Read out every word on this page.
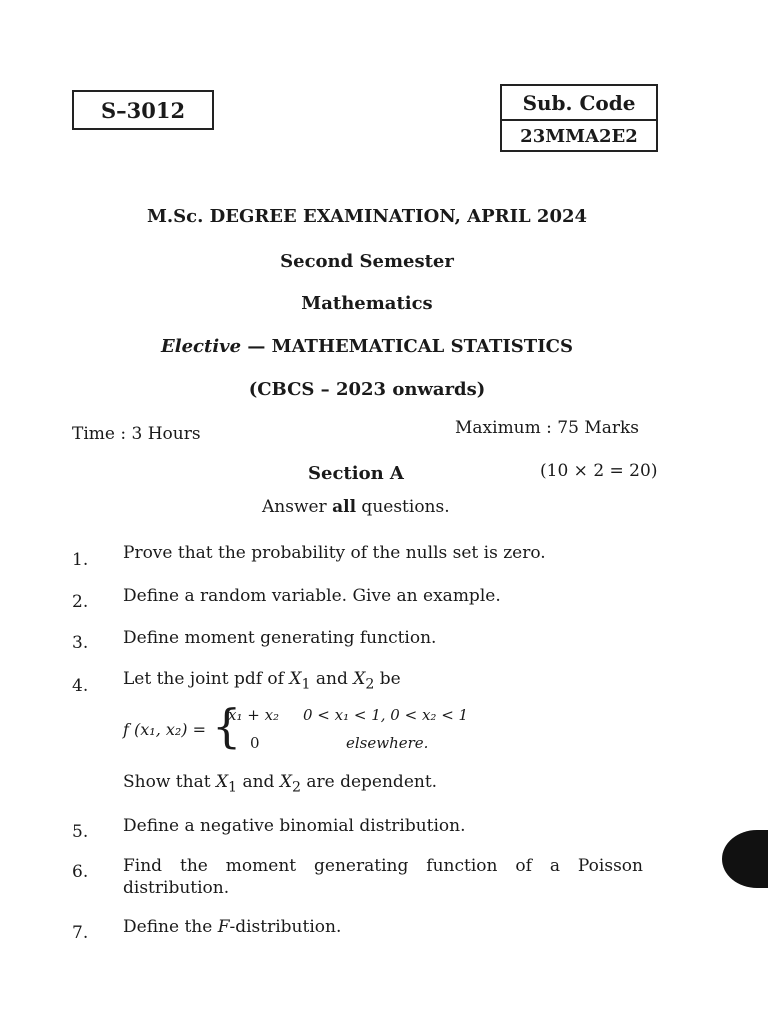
S–3012	Sub. Code
23MMA2E2
M.Sc. DEGREE EXAMINATION, APRIL 2024
Second Semester
Mathematics
Elective — MATHEMATICAL STATISTICS
(CBCS – 2023 onwards)
Time : 3 Hours	Maximum : 75 Marks
Section A	(10 × 2 = 20)
Answer all questions.
1. Prove that the probability of the nulls set is zero.
2. Define a random variable. Give an example.
3. Define moment generating function.
4. Let the joint pdf of $X_1$ and $X_2$ be
f (x₁, x₂) = {
x₁ + x₂ 0 < x₁ < 1, 0 < x₂ < 1
0	elsewhere.
Show that $X_1$ and $X_2$ are dependent.
5. Define a negative binomial distribution.
6. Find the moment generating function of a Poisson distribution.
7. Define the F-distribution.
